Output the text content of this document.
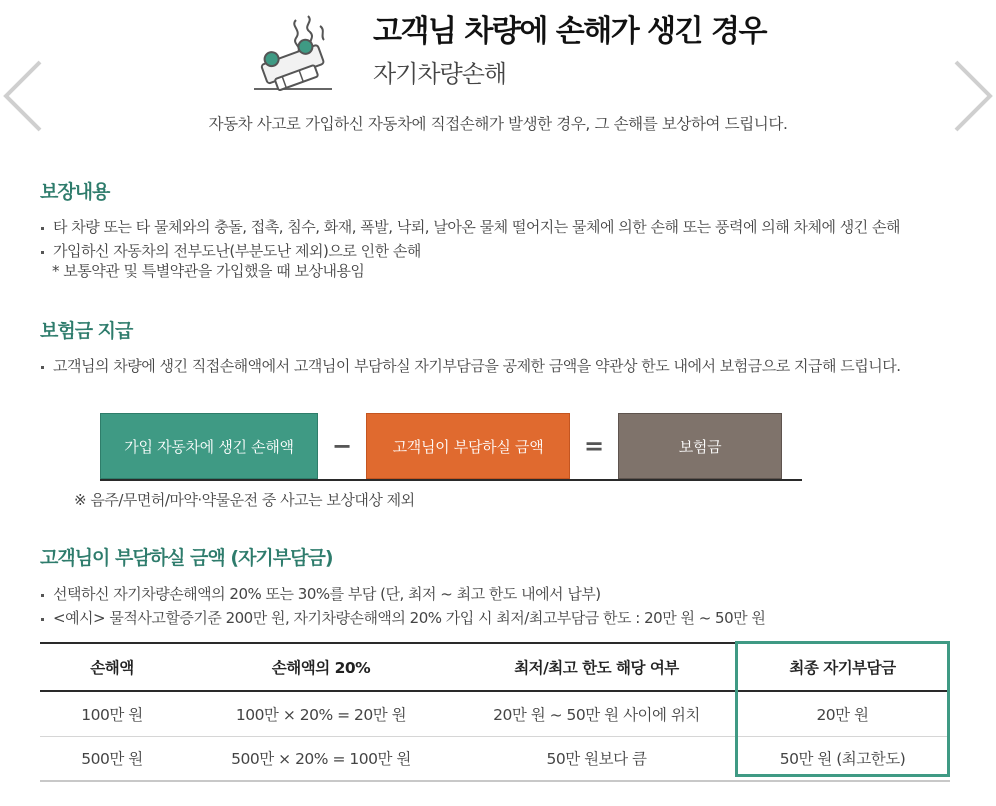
고객님 차량에 손해가 생긴 경우
자기차량손해
자동차 사고로 가입하신 자동차에 직접손해가 발생한 경우, 그 손해를 보상하여 드립니다.
보장내용
타 차량 또는 타 물체와의 충돌, 접촉, 침수, 화재, 폭발, 낙뢰, 날아온 물체 떨어지는 물체에 의한 손해 또는 풍력에 의해 차체에 생긴 손해
가입하신 자동차의 전부도난(부분도난 제외)으로 인한 손해
* 보통약관 및 특별약관을 가입했을 때 보상내용임
보험금 지급
고객님의 차량에 생긴 직접손해액에서 고객님이 부담하실 자기부담금을 공제한 금액을 약관상 한도 내에서 보험금으로 지급해 드립니다.
가입 자동차에 생긴 손해액	−	고객님이 부담하실 금액	=	보험금
※ 음주/무면허/마약·약물운전 중 사고는 보상대상 제외
고객님이 부담하실 금액 (자기부담금)
선택하신 자기차량손해액의 20% 또는 30%를 부담 (단, 최저 ~ 최고 한도 내에서 납부)
<예시> 물적사고할증기준 200만 원, 자기차량손해액의 20% 가입 시 최저/최고부담금 한도 : 20만 원 ~ 50만 원
손해액	손해액의 20%	최저/최고 한도 해당 여부	최종 자기부담금
100만 원	100만 × 20% = 20만 원	20만 원 ~ 50만 원 사이에 위치	20만 원
500만 원	500만 × 20% = 100만 원	50만 원보다 큼	50만 원 (최고한도)
